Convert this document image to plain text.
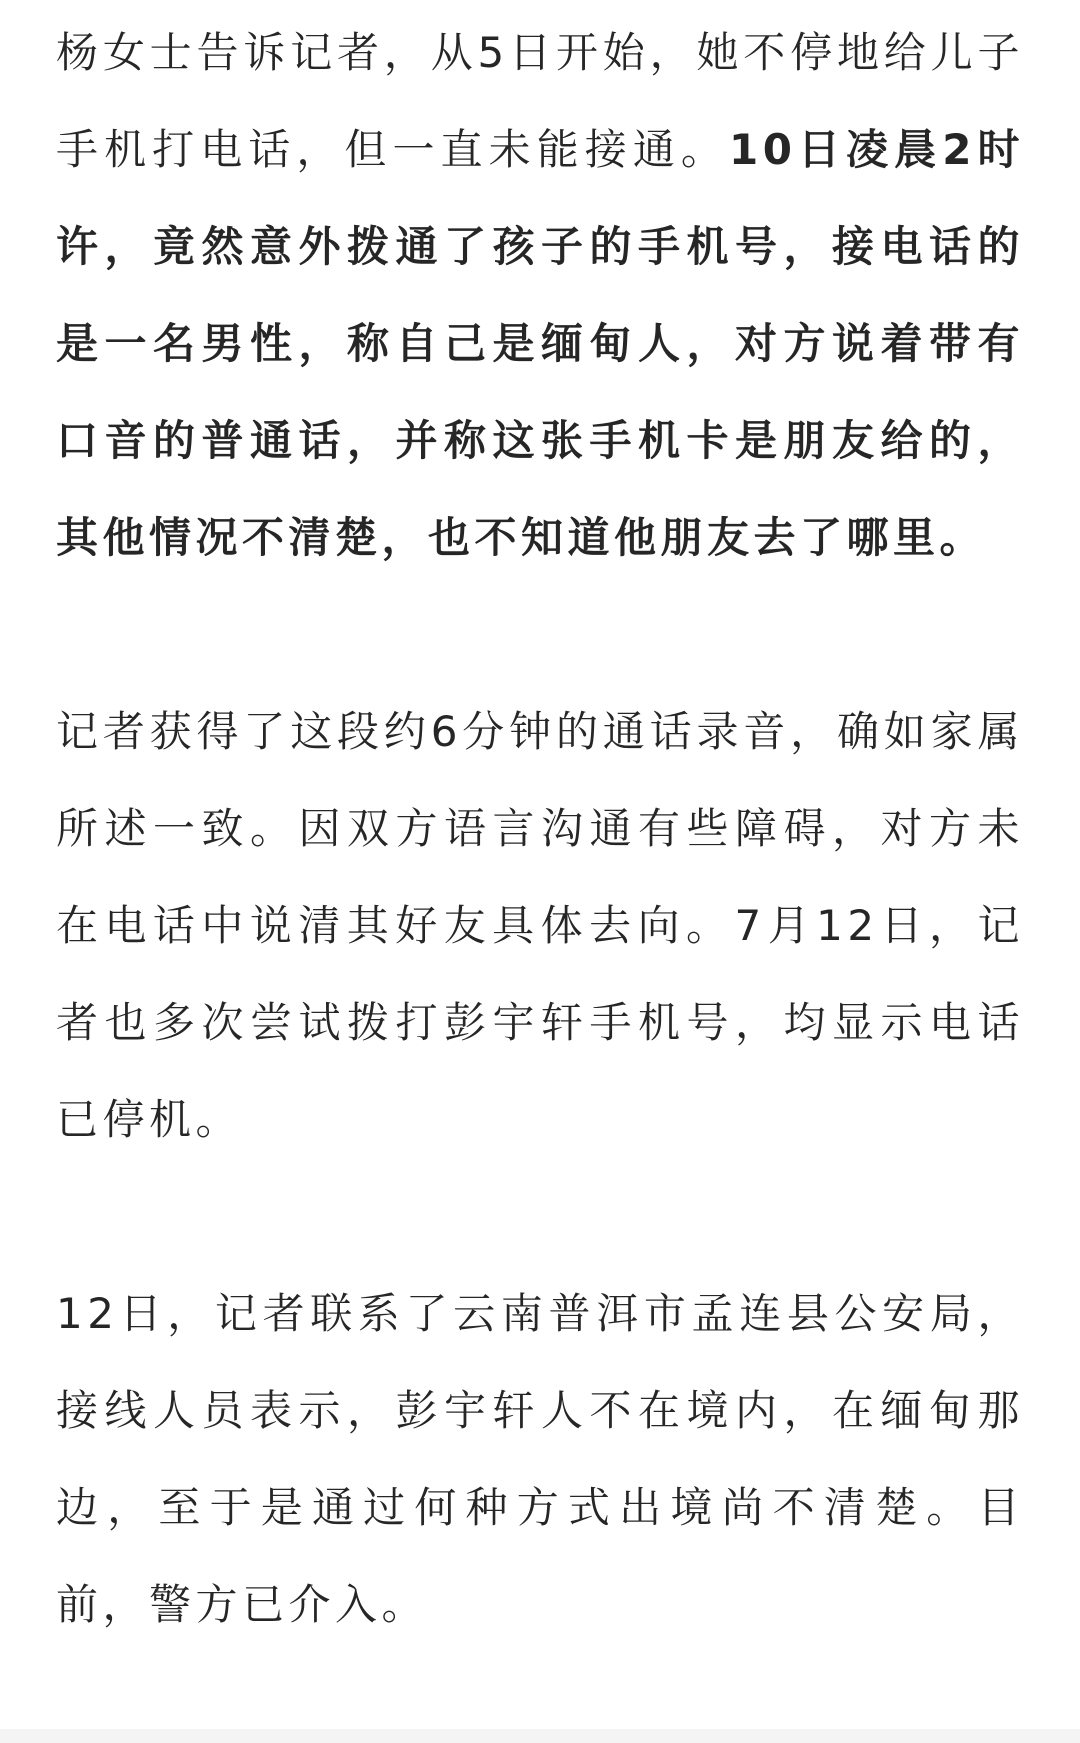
杨女士告诉记者，从5日开始，她不停地给儿子手机打电话，但一直未能接通。10日凌晨2时许，竟然意外拨通了孩子的手机号，接电话的是一名男性，称自己是缅甸人，对方说着带有口音的普通话，并称这张手机卡是朋友给的，其他情况不清楚，也不知道他朋友去了哪里。

记者获得了这段约6分钟的通话录音，确如家属所述一致。因双方语言沟通有些障碍，对方未在电话中说清其好友具体去向。7月12日，记者也多次尝试拨打彭宇轩手机号，均显示电话已停机。

12日，记者联系了云南普洱市孟连县公安局，接线人员表示，彭宇轩人不在境内，在缅甸那边，至于是通过何种方式出境尚不清楚。目前，警方已介入。
